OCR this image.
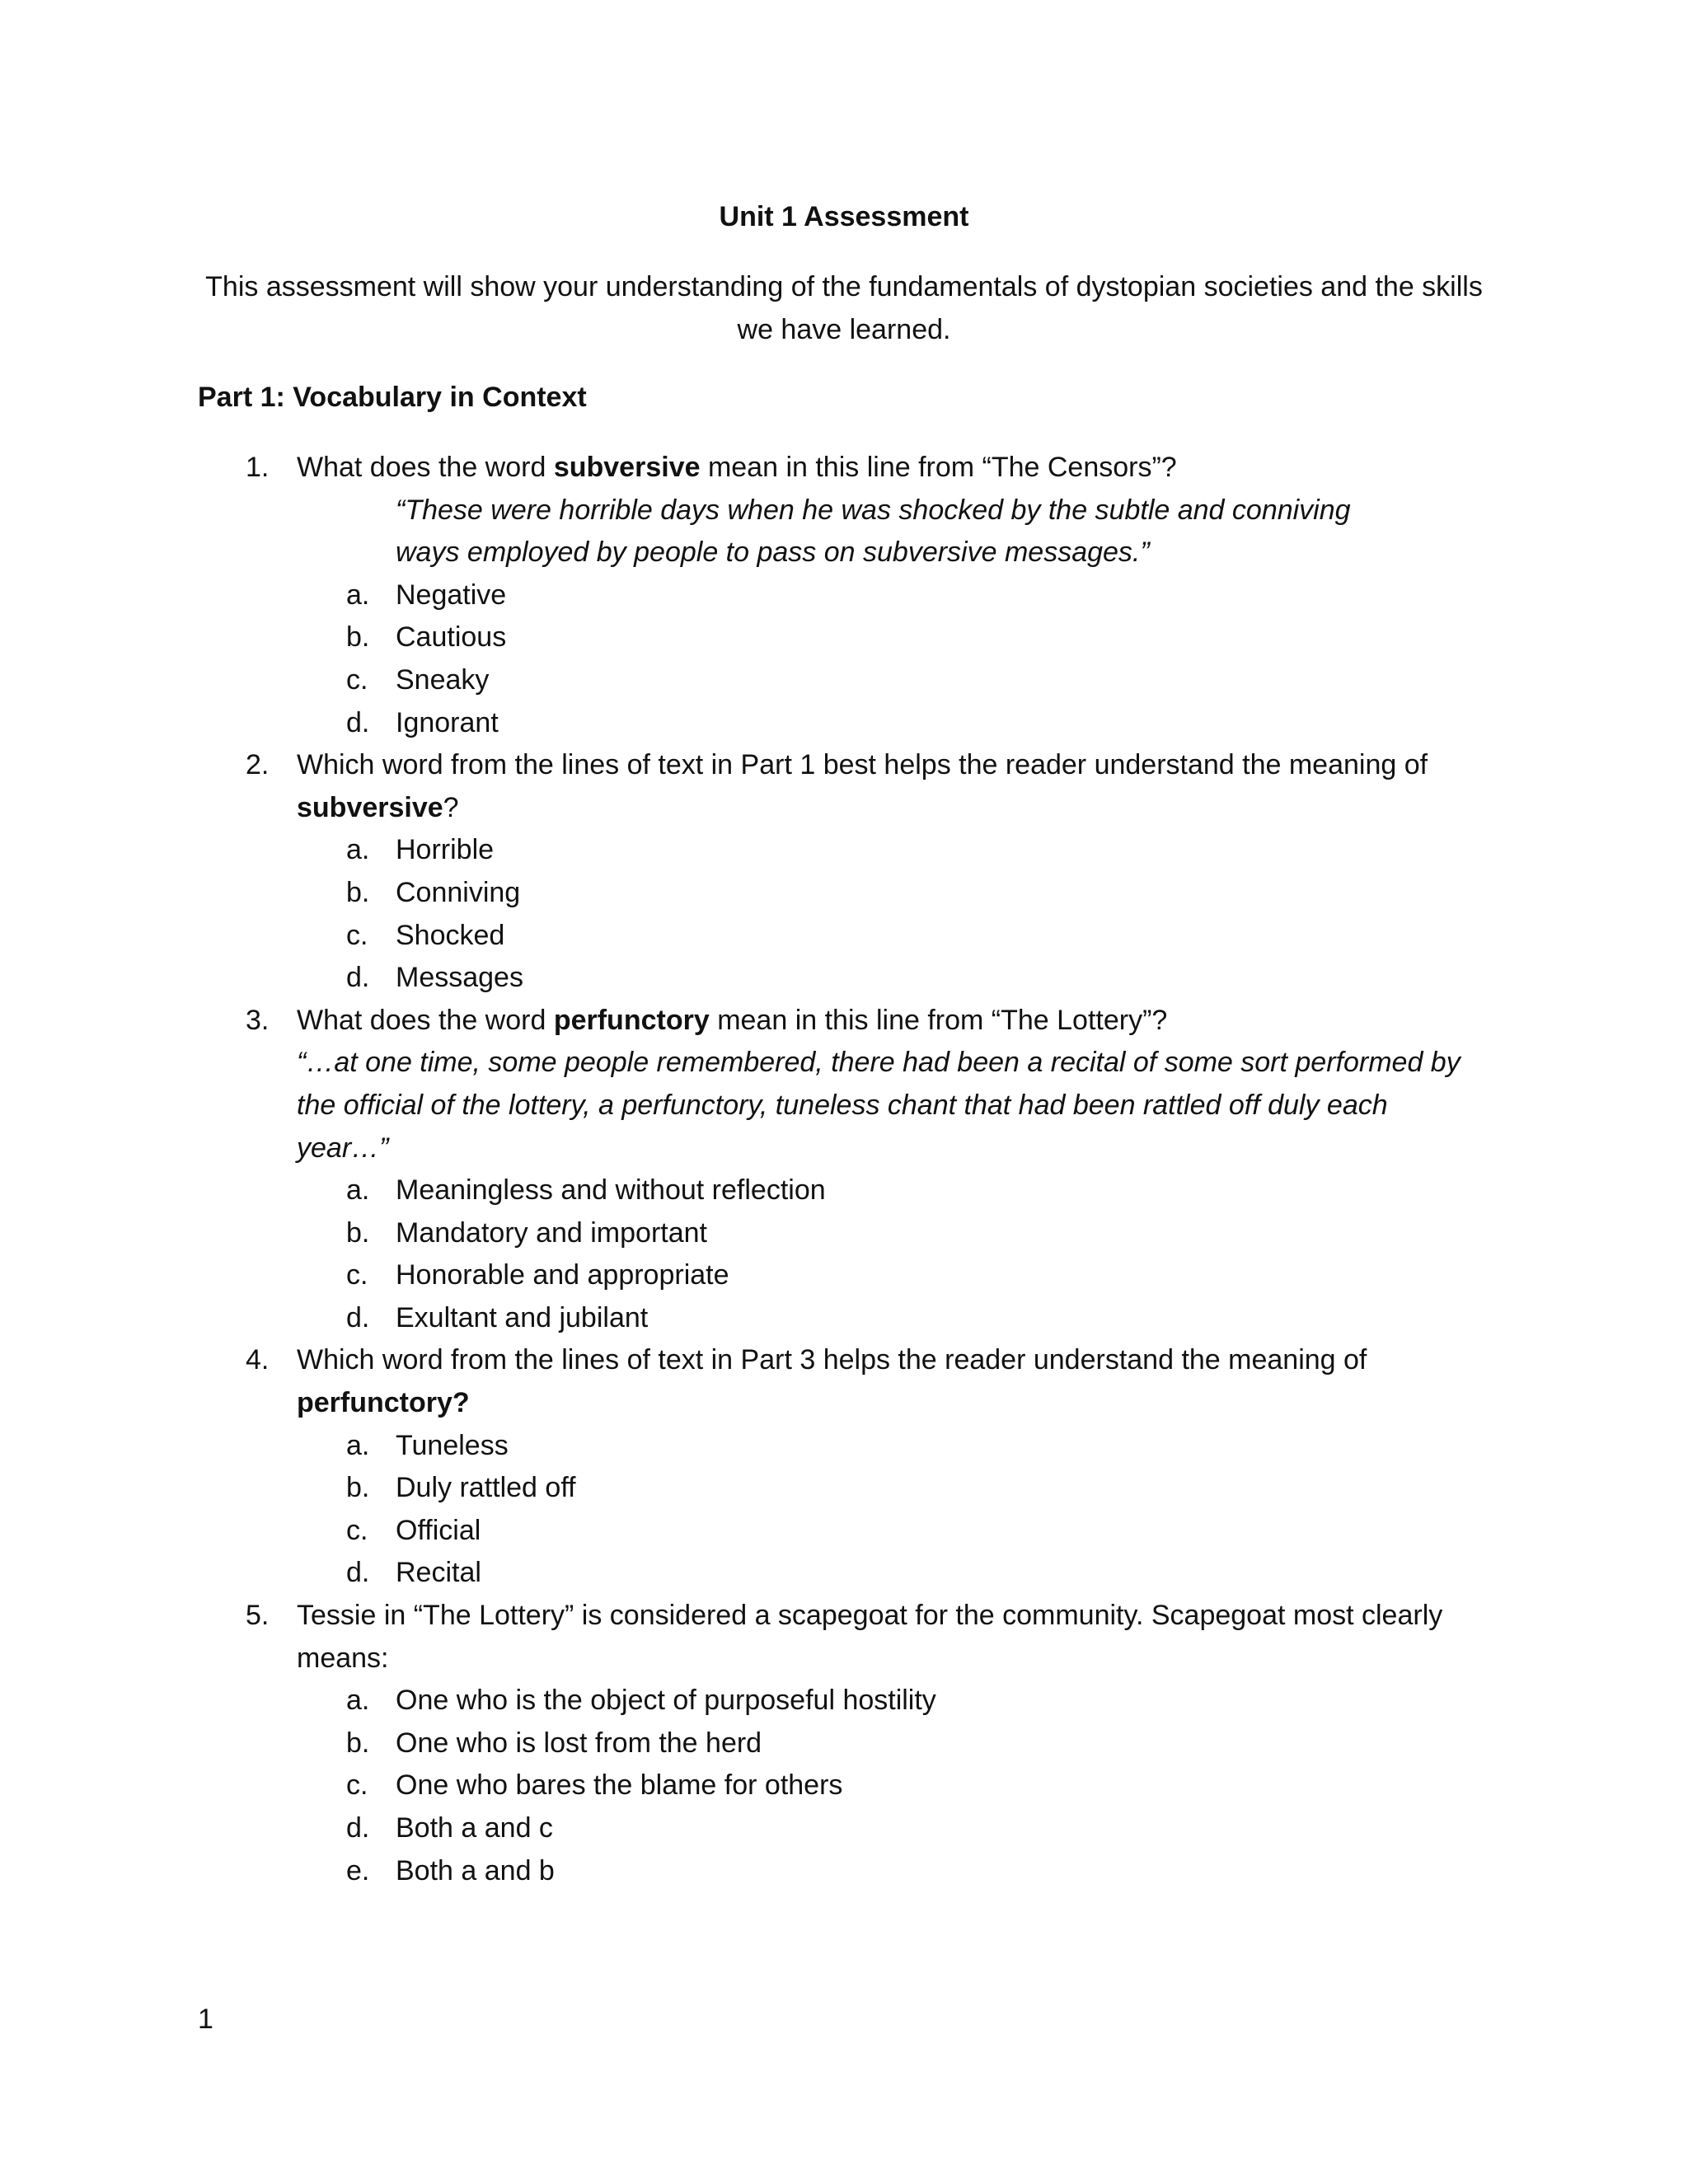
Unit 1 Assessment
This assessment will show your understanding of the fundamentals of dystopian societies and the skills
we have learned.
Part 1: Vocabulary in Context
1. What does the word subversive mean in this line from “The Censors”?
“These were horrible days when he was shocked by the subtle and conniving
ways employed by people to pass on subversive messages.”
a. Negative
b. Cautious
c. Sneaky
d. Ignorant
2. Which word from the lines of text in Part 1 best helps the reader understand the meaning of
subversive?
a. Horrible
b. Conniving
c. Shocked
d. Messages
3. What does the word perfunctory mean in this line from “The Lottery”?
“…at one time, some people remembered, there had been a recital of some sort performed by
the official of the lottery, a perfunctory, tuneless chant that had been rattled off duly each
year…”
a. Meaningless and without reflection
b. Mandatory and important
c. Honorable and appropriate
d. Exultant and jubilant
4. Which word from the lines of text in Part 3 helps the reader understand the meaning of
perfunctory?
a. Tuneless
b. Duly rattled off
c. Official
d. Recital
5. Tessie in “The Lottery” is considered a scapegoat for the community. Scapegoat most clearly
means:
a. One who is the object of purposeful hostility
b. One who is lost from the herd
c. One who bares the blame for others
d. Both a and c
e. Both a and b
1
